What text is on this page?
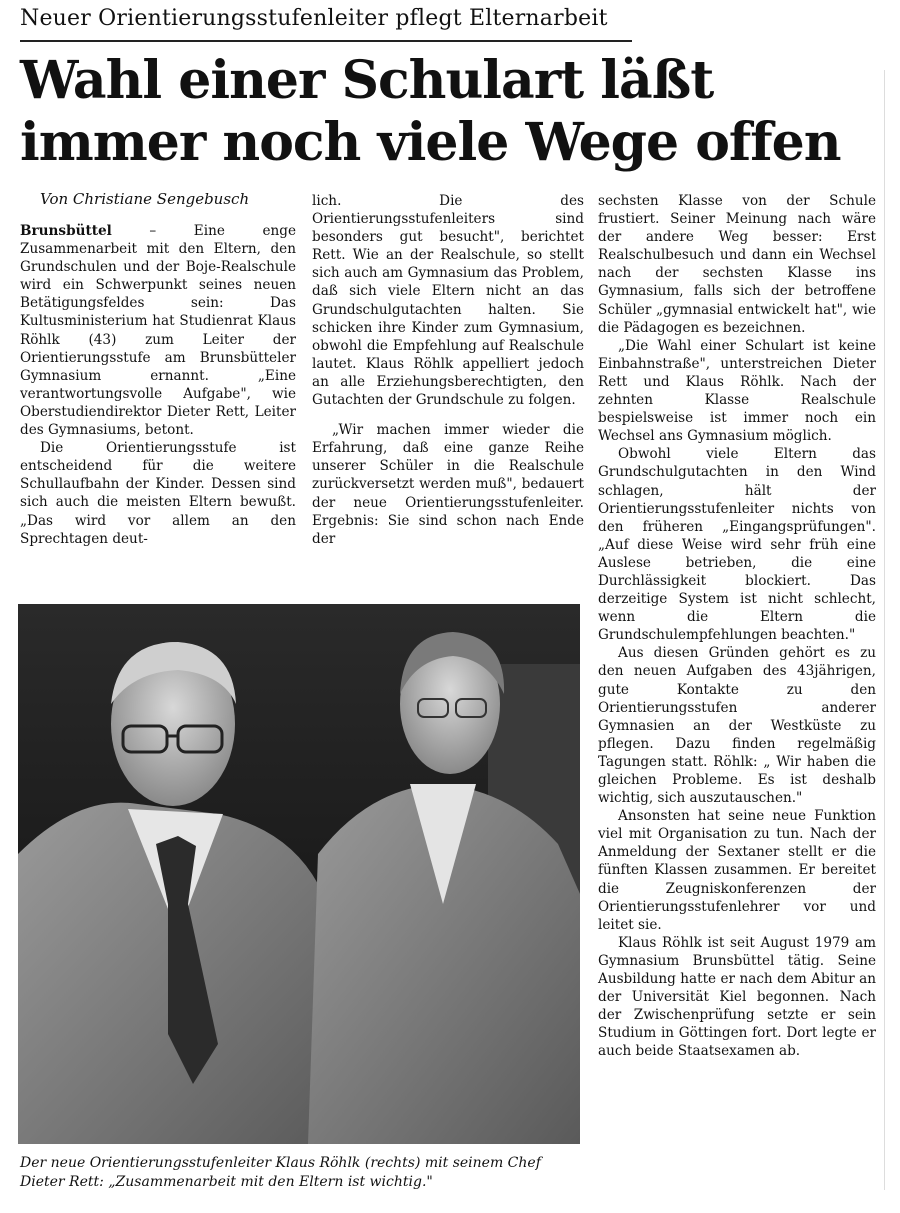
Neuer Orientierungsstufenleiter pflegt Elternarbeit
Wahl einer Schulart läßt
immer noch viele Wege offen
Von Christiane Sengebusch

Brunsbüttel – Eine enge Zusammenarbeit mit den Eltern, den Grundschulen und der Boje-Realschule wird ein Schwerpunkt seines neuen Betätigungsfeldes sein: Das Kultusministerium hat Studienrat Klaus Röhlk (43) zum Leiter der Orientierungsstufe am Brunsbütteler Gymnasium ernannt. „Eine verantwortungsvolle Aufgabe", wie Oberstudiendirektor Dieter Rett, Leiter des Gymnasiums, betont.

Die Orientierungsstufe ist entscheidend für die weitere Schullaufbahn der Kinder. Dessen sind sich auch die meisten Eltern bewußt. „Das wird vor allem an den Sprechtagen deut-

lich. Die des Orientierungsstufenleiters sind besonders gut besucht", berichtet Rett. Wie an der Realschule, so stellt sich auch am Gymnasium das Problem, daß sich viele Eltern nicht an das Grundschulgutachten halten. Sie schicken ihre Kinder zum Gymnasium, obwohl die Empfehlung auf Realschule lautet. Klaus Röhlk appelliert jedoch an alle Erziehungsberechtigten, den Gutachten der Grundschule zu folgen.

„Wir machen immer wieder die Erfahrung, daß eine ganze Reihe unserer Schüler in die Realschule zurückversetzt werden muß", bedauert der neue Orientierungsstufenleiter. Ergebnis: Sie sind schon nach Ende der

sechsten Klasse von der Schule frustiert. Seiner Meinung nach wäre der andere Weg besser: Erst Realschulbesuch und dann ein Wechsel nach der sechsten Klasse ins Gymnasium, falls sich der betroffene Schüler „gymnasial entwickelt hat", wie die Pädagogen es bezeichnen.

„Die Wahl einer Schulart ist keine Einbahnstraße", unterstreichen Dieter Rett und Klaus Röhlk. Nach der zehnten Klasse Realschule bespielsweise ist immer noch ein Wechsel ans Gymnasium möglich.

Obwohl viele Eltern das Grundschulgutachten in den Wind schlagen, hält der Orientierungsstufenleiter nichts von den früheren „Eingangsprüfungen". „Auf diese Weise wird sehr früh eine Auslese betrieben, die eine Durchlässigkeit blockiert. Das derzeitige System ist nicht schlecht, wenn die Eltern die Grundschulempfehlungen beachten."

Aus diesen Gründen gehört es zu den neuen Aufgaben des 43jährigen, gute Kontakte zu den Orientierungsstufen anderer Gymnasien an der Westküste zu pflegen. Dazu finden regelmäßig Tagungen statt. Röhlk: „ Wir haben die gleichen Probleme. Es ist deshalb wichtig, sich auszutauschen."

Ansonsten hat seine neue Funktion viel mit Organisation zu tun. Nach der Anmeldung der Sextaner stellt er die fünften Klassen zusammen. Er bereitet die Zeugniskonferenzen der Orientierungsstufenlehrer vor und leitet sie.

Klaus Röhlk ist seit August 1979 am Gymnasium Brunsbüttel tätig. Seine Ausbildung hatte er nach dem Abitur an der Universität Kiel begonnen. Nach der Zwischenprüfung setzte er sein Studium in Göttingen fort. Dort legte er auch beide Staatsexamen ab.

Der neue Orientierungsstufenleiter Klaus Röhlk (rechts) mit seinem Chef Dieter Rett: „Zusammenarbeit mit den Eltern ist wichtig."
